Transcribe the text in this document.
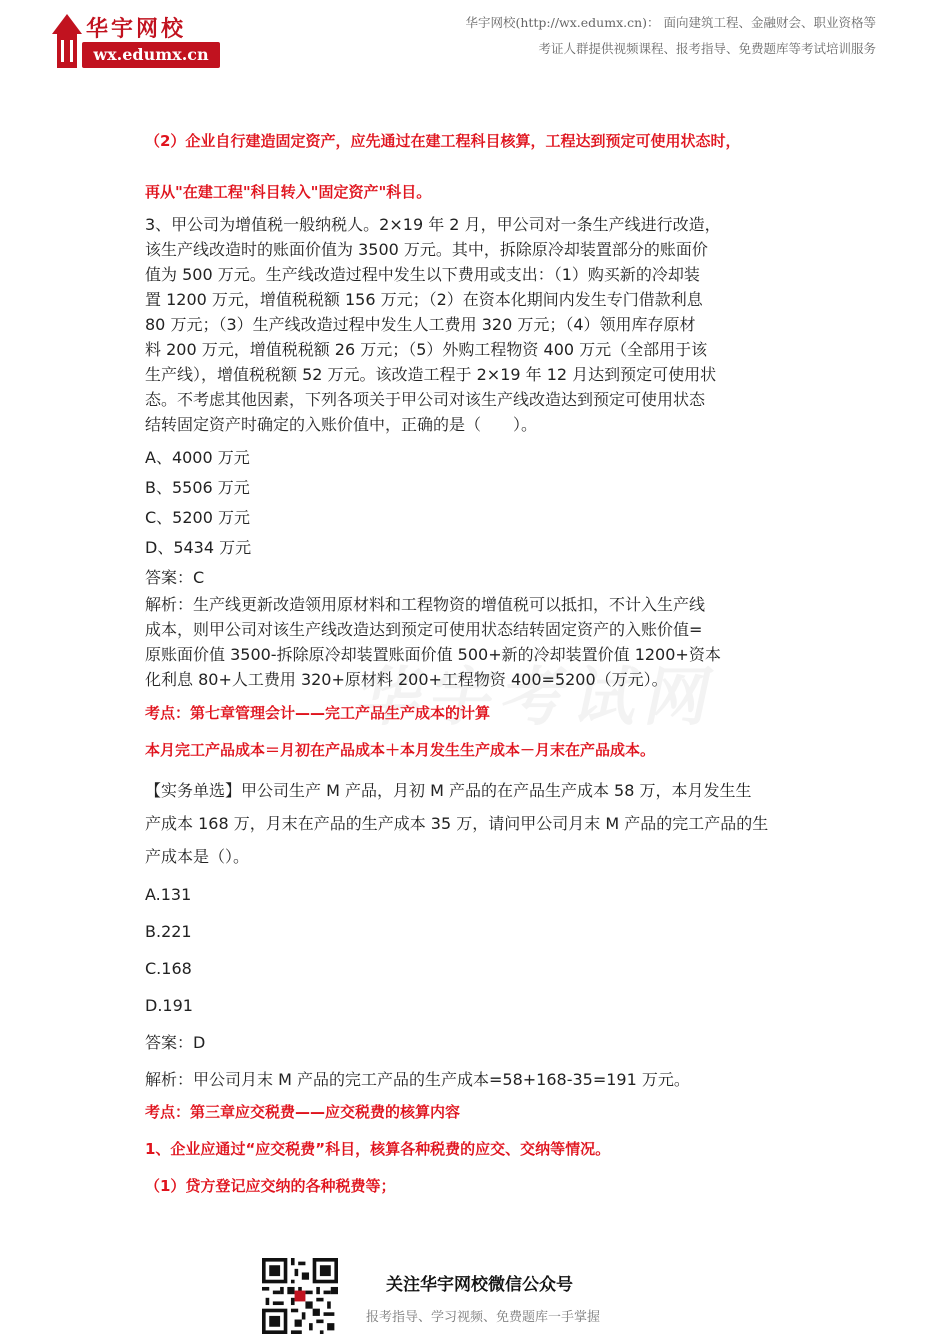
华宇网校
wx.edumx.cn
华宇网校(http://wx.edumx.cn)： 面向建筑工程、金融财会、职业资格等
考证人群提供视频课程、报考指导、免费题库等考试培训服务
（2）企业自行建造固定资产，应先通过在建工程科目核算，工程达到预定可使用状态时，
再从"在建工程"科目转入"固定资产"科目。
3、甲公司为增值税一般纳税人。2×19 年 2 月，甲公司对一条生产线进行改造，
该生产线改造时的账面价值为 3500 万元。其中，拆除原冷却装置部分的账面价
值为 500 万元。生产线改造过程中发生以下费用或支出：（1）购买新的冷却装
置 1200 万元，增值税税额 156 万元；（2）在资本化期间内发生专门借款利息
80 万元；（3）生产线改造过程中发生人工费用 320 万元；（4）领用库存原材
料 200 万元，增值税税额 26 万元；（5）外购工程物资 400 万元（全部用于该
生产线），增值税税额 52 万元。该改造工程于 2×19 年 12 月达到预定可使用状
态。不考虑其他因素，下列各项关于甲公司对该生产线改造达到预定可使用状态
结转固定资产时确定的入账价值中，正确的是（　　）。
A、4000 万元
B、5506 万元
C、5200 万元
D、5434 万元
答案：C
解析：生产线更新改造领用原材料和工程物资的增值税可以抵扣，不计入生产线
成本，则甲公司对该生产线改造达到预定可使用状态结转固定资产的入账价值=
原账面价值 3500-拆除原冷却装置账面价值 500+新的冷却装置价值 1200+资本
化利息 80+人工费用 320+原材料 200+工程物资 400=5200（万元）。
考点：第七章管理会计——完工产品生产成本的计算
本月完工产品成本＝月初在产品成本＋本月发生生产成本－月末在产品成本。
【实务单选】甲公司生产 M 产品，月初 M 产品的在产品生产成本 58 万，本月发生生
产成本 168 万，月末在产品的生产成本 35 万，请问甲公司月末 M 产品的完工产品的生
产成本是（）。
A.131
B.221
C.168
D.191
答案：D
解析：甲公司月末 M 产品的完工产品的生产成本=58+168-35=191 万元。
考点：第三章应交税费——应交税费的核算内容
1、企业应通过“应交税费”科目，核算各种税费的应交、交纳等情况。
（1）贷方登记应交纳的各种税费等；
关注华宇网校微信公众号
报考指导、学习视频、免费题库一手掌握
